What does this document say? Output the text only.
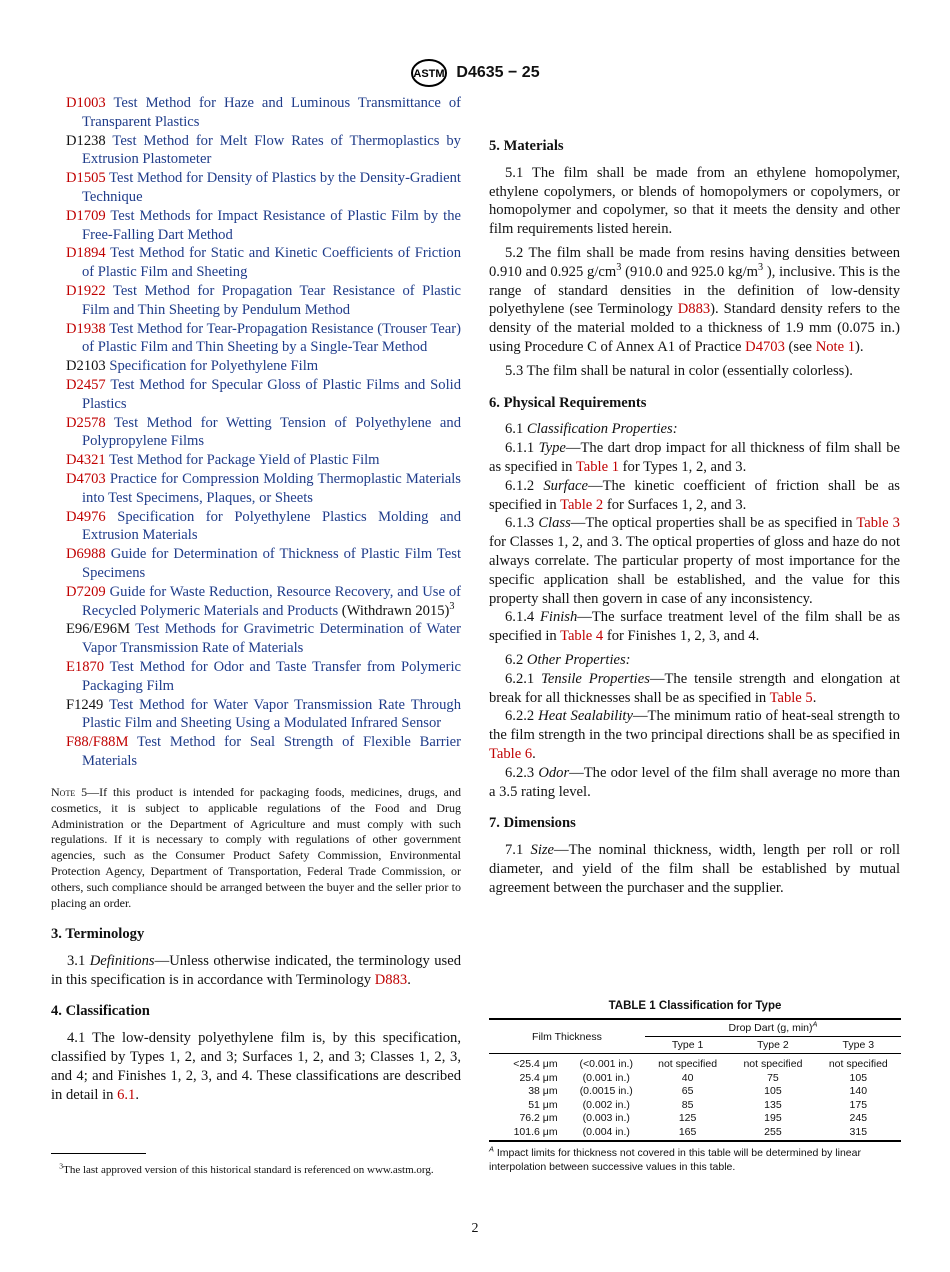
ASTM D4635 − 25

D1003 Test Method for Haze and Luminous Transmittance of Transparent Plastics

D1238 Test Method for Melt Flow Rates of Thermoplastics by Extrusion Plastometer

D1505 Test Method for Density of Plastics by the Density-Gradient Technique

D1709 Test Methods for Impact Resistance of Plastic Film by the Free-Falling Dart Method

D1894 Test Method for Static and Kinetic Coefficients of Friction of Plastic Film and Sheeting

D1922 Test Method for Propagation Tear Resistance of Plastic Film and Thin Sheeting by Pendulum Method

D1938 Test Method for Tear-Propagation Resistance (Trouser Tear) of Plastic Film and Thin Sheeting by a Single-Tear Method

D2103 Specification for Polyethylene Film

D2457 Test Method for Specular Gloss of Plastic Films and Solid Plastics

D2578 Test Method for Wetting Tension of Polyethylene and Polypropylene Films

D4321 Test Method for Package Yield of Plastic Film

D4703 Practice for Compression Molding Thermoplastic Materials into Test Specimens, Plaques, or Sheets

D4976 Specification for Polyethylene Plastics Molding and Extrusion Materials

D6988 Guide for Determination of Thickness of Plastic Film Test Specimens

D7209 Guide for Waste Reduction, Resource Recovery, and Use of Recycled Polymeric Materials and Products (Withdrawn 2015)$^3$

E96/E96M Test Methods for Gravimetric Determination of Water Vapor Transmission Rate of Materials

E1870 Test Method for Odor and Taste Transfer from Polymeric Packaging Film

F1249 Test Method for Water Vapor Transmission Rate Through Plastic Film and Sheeting Using a Modulated Infrared Sensor

F88/F88M Test Method for Seal Strength of Flexible Barrier Materials

Note 5—If this product is intended for packaging foods, medicines, drugs, and cosmetics, it is subject to applicable regulations of the Food and Drug Administration or the Department of Agriculture and must comply with such regulations. If it is necessary to comply with regulations of other government agencies, such as the Consumer Product Safety Commission, Environmental Protection Agency, Department of Transportation, Federal Trade Commission, or others, such compliance should be arranged between the buyer and the seller prior to placing an order.

3. Terminology

3.1 Definitions—Unless otherwise indicated, the terminology used in this specification is in accordance with Terminology D883.

4. Classification

4.1 The low-density polyethylene film is, by this specification, classified by Types 1, 2, and 3; Surfaces 1, 2, and 3; Classes 1, 2, 3, and 4; and Finishes 1, 2, 3, and 4. These classifications are described in detail in 6.1.

$^3$The last approved version of this historical standard is referenced on www.astm.org.
5. Materials

5.1 The film shall be made from an ethylene homopolymer, ethylene copolymers, or blends of homopolymers or copolymers, or homopolymer and copolymer, so that it meets the density and other film requirements listed herein.

5.2 The film shall be made from resins having densities between 0.910 and 0.925 $g/cm^3$ (910.0 and 925.0 $kg/m^3$ ), inclusive. This is the range of standard densities in the definition of low-density polyethylene (see Terminology D883). Standard density refers to the density of the material molded to a thickness of 1.9 mm (0.075 in.) using Procedure C of Annex A1 of Practice D4703 (see Note 1).

5.3 The film shall be natural in color (essentially colorless).

6. Physical Requirements

6.1 Classification Properties:

6.1.1 Type—The dart drop impact for all thickness of film shall be as specified in Table 1 for Types 1, 2, and 3.

6.1.2 Surface—The kinetic coefficient of friction shall be as specified in Table 2 for Surfaces 1, 2, and 3.

6.1.3 Class—The optical properties shall be as specified in Table 3 for Classes 1, 2, and 3. The optical properties of gloss and haze do not always correlate. The particular property of most importance for the specific application shall be established, and the value for this property shall then govern in case of any inconsistency.

6.1.4 Finish—The surface treatment level of the film shall be as specified in Table 4 for Finishes 1, 2, 3, and 4.

6.2 Other Properties:

6.2.1 Tensile Properties—The tensile strength and elongation at break for all thicknesses shall be as specified in Table 5.

6.2.2 Heat Sealability—The minimum ratio of heat-seal strength to the film strength in the two principal directions shall be as specified in Table 6.

6.2.3 Odor—The odor level of the film shall average no more than a 3.5 rating level.

7. Dimensions

7.1 Size—The nominal thickness, width, length per roll or roll diameter, and yield of the film shall be established by mutual agreement between the purchaser and the supplier.

TABLE 1 Classification for Type
Film Thickness		Drop Dart (g, min)$^A$
		Type 1	Type 2	Type 3
<25.4 μm	(<0.001 in.)	not specified	not specified	not specified
25.4 μm	(0.001 in.)	40	75	105
38 μm	(0.0015 in.)	65	105	140
51 μm	(0.002 in.)	85	135	175
76.2 μm	(0.003 in.)	125	195	245
101.6 μm	(0.004 in.)	165	255	315
$^A$ Impact limits for thickness not covered in this table will be determined by linear interpolation between successive values in this table.
2
